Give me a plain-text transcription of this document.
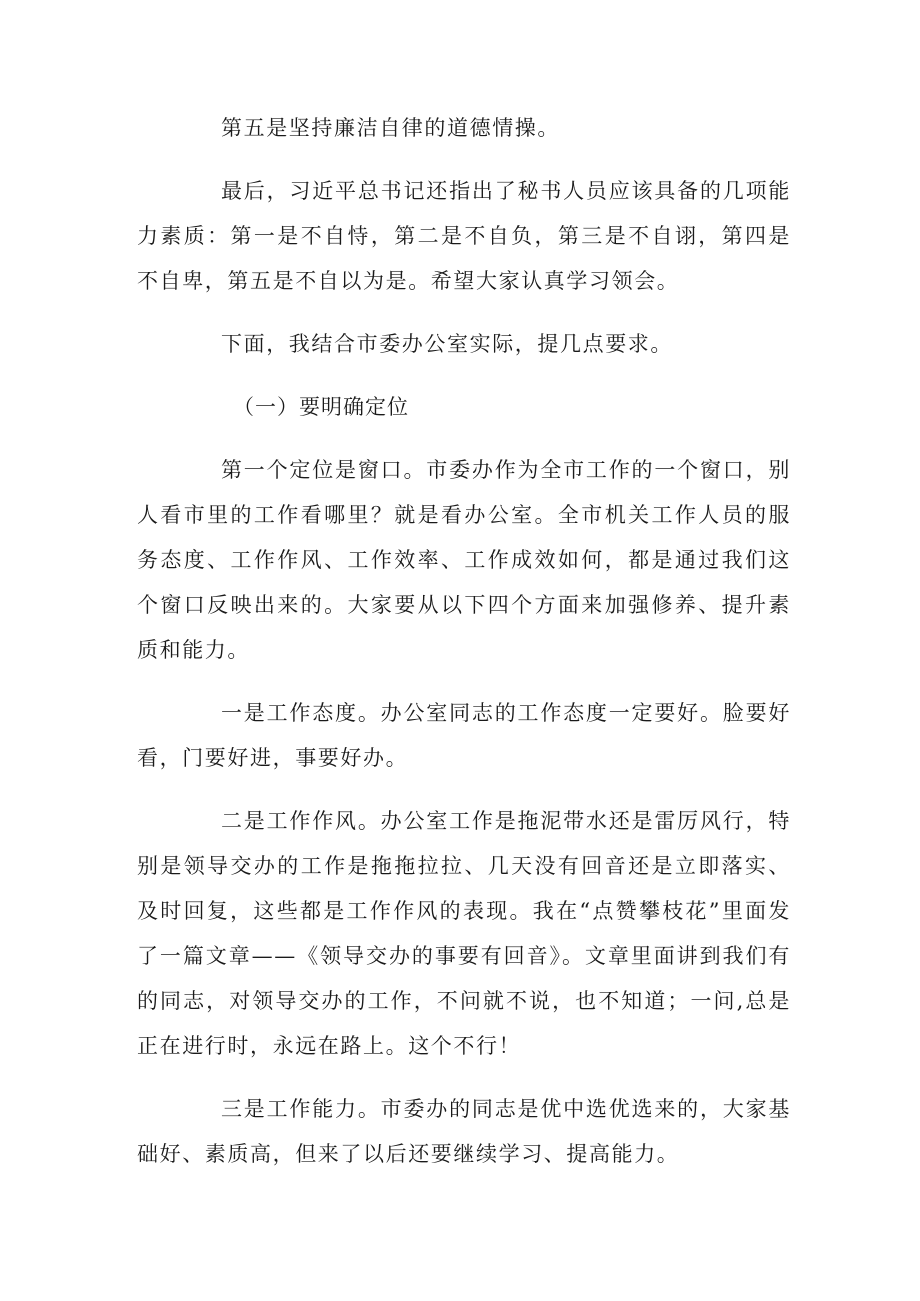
第五是坚持廉洁自律的道德情操。

最后，习近平总书记还指出了秘书人员应该具备的几项能力素质：第一是不自恃，第二是不自负，第三是不自诩，第四是不自卑，第五是不自以为是。希望大家认真学习领会。

下面，我结合市委办公室实际，提几点要求。

（一）要明确定位

第一个定位是窗口。市委办作为全市工作的一个窗口，别人看市里的工作看哪里？就是看办公室。全市机关工作人员的服务态度、工作作风、工作效率、工作成效如何，都是通过我们这个窗口反映出来的。大家要从以下四个方面来加强修养、提升素质和能力。

一是工作态度。办公室同志的工作态度一定要好。脸要好看，门要好进，事要好办。

二是工作作风。办公室工作是拖泥带水还是雷厉风行，特别是领导交办的工作是拖拖拉拉、几天没有回音还是立即落实、及时回复，这些都是工作作风的表现。我在“点赞攀枝花”里面发了一篇文章——《领导交办的事要有回音》。文章里面讲到我们有的同志，对领导交办的工作，不问就不说，也不知道；一问,总是正在进行时，永远在路上。这个不行！

三是工作能力。市委办的同志是优中选优选来的，大家基础好、素质高，但来了以后还要继续学习、提高能力。
